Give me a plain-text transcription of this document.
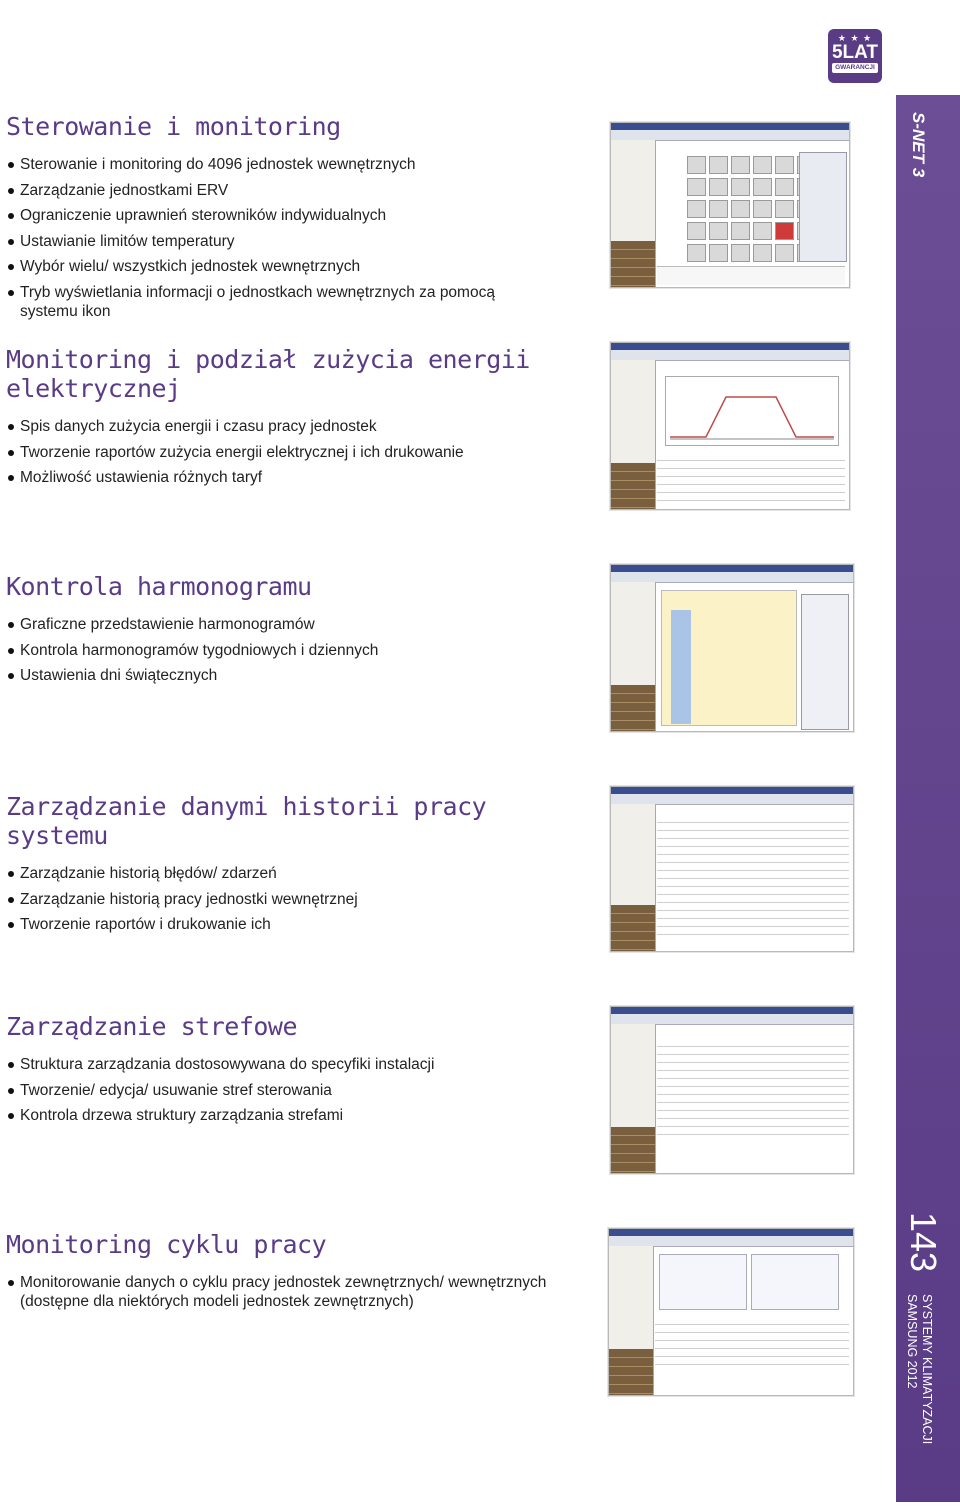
★ ★ ★
5LAT
GWARANCJI
S-NET 3
143
SYSTEMY KLIMATYZACJI
SAMSUNG 2012
Sterowanie i monitoring
Sterowanie i monitoring do 4096 jednostek wewnętrznych
Zarządzanie jednostkami ERV
Ograniczenie uprawnień sterowników indywidualnych
Ustawianie limitów temperatury
Wybór wielu/ wszystkich jednostek wewnętrznych
Tryb wyświetlania informacji o jednostkach wewnętrznych za pomocą systemu ikon
Monitoring i podział zużycia energii elektrycznej
Spis danych zużycia energii i czasu pracy jednostek
Tworzenie raportów zużycia energii elektrycznej i ich drukowanie
Możliwość ustawienia różnych taryf
Kontrola harmonogramu
Graficzne przedstawienie harmonogramów
Kontrola harmonogramów tygodniowych i dziennych
Ustawienia dni świątecznych
Zarządzanie danymi historii pracy systemu
Zarządzanie historią błędów/ zdarzeń
Zarządzanie historią pracy jednostki wewnętrznej
Tworzenie raportów i drukowanie ich
Zarządzanie strefowe
Struktura zarządzania dostosowywana do specyfiki instalacji
Tworzenie/ edycja/ usuwanie stref sterowania
Kontrola drzewa struktury zarządzania strefami
Monitoring cyklu pracy
Monitorowanie danych o cyklu pracy jednostek zewnętrznych/ wewnętrznych (dostępne dla niektórych modeli jednostek zewnętrznych)
